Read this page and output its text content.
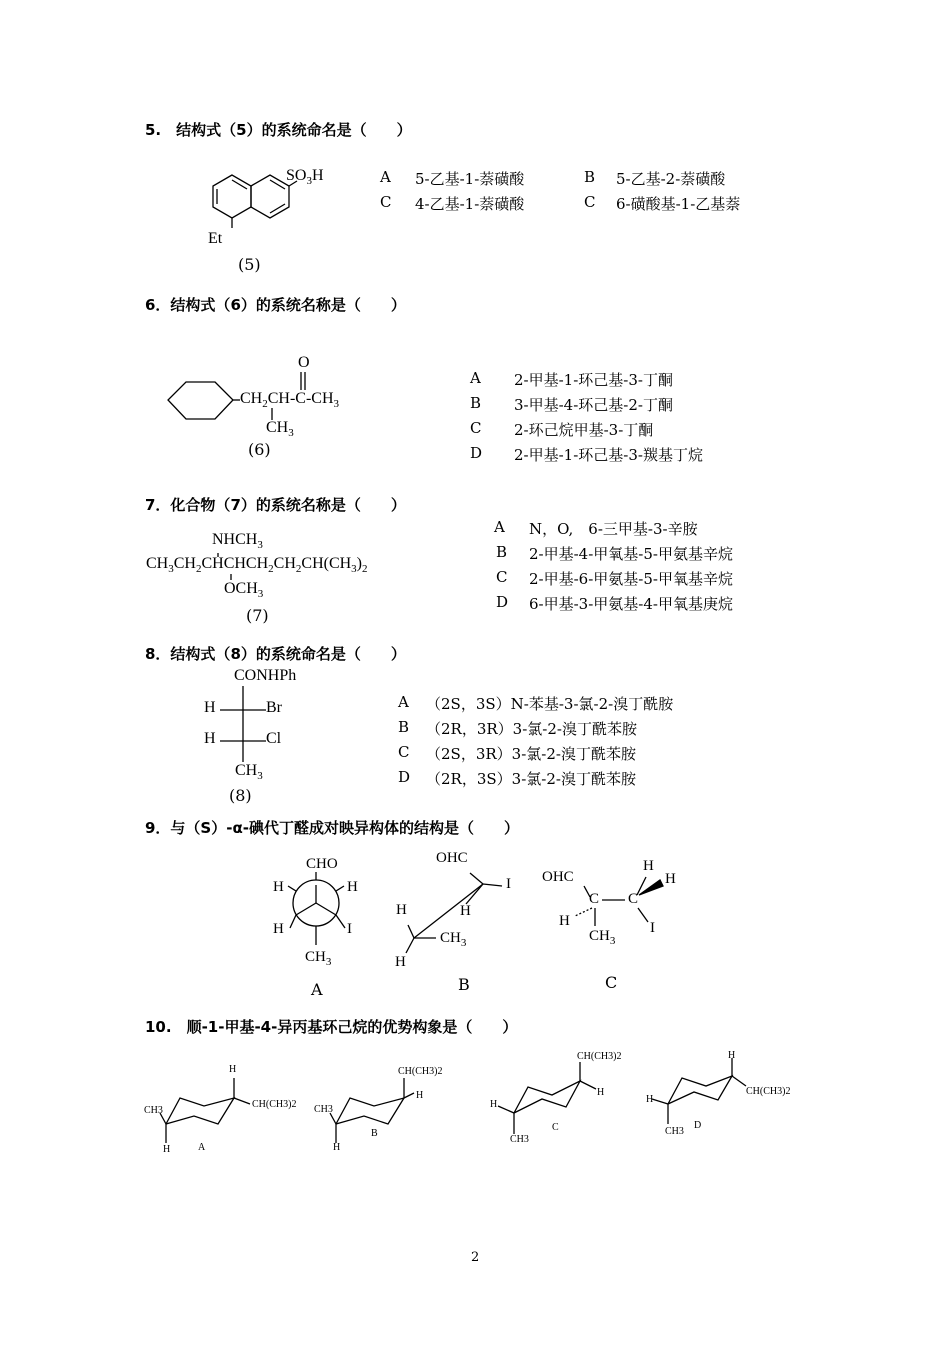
5.　结构式（5）的系统命名是（　　）
$SO_3H$
Et
(5)
A 5-乙基-1-萘磺酸	B 5-乙基-2-萘磺酸
C 4-乙基-1-萘磺酸	C 6-磺酸基-1-乙基萘
6．结构式（6）的系统名称是（　　）
O
$CH_2CH-C-CH_3$
$CH_3$
(6)
A 2-甲基-1-环己基-3-丁酮
B 3-甲基-4-环己基-2-丁酮
C 2-环己烷甲基-3-丁酮
D 2-甲基-1-环己基-3-羰基丁烷
7．化合物（7）的系统名称是（　　）
$NHCH_3$
$CH_3CH_2CHCHCH_2CH_2CH(CH_3)_2$
$OCH_3$
(7)
A N，O,　6-三甲基-3-辛胺
B 2-甲基-4-甲氧基-5-甲氨基辛烷
C 2-甲基-6-甲氨基-5-甲氧基辛烷
D 6-甲基-3-甲氨基-4-甲氧基庚烷
8．结构式（8）的系统命名是（　　）
CONHPh
H	Br
H	Cl
$CH_3$
(8)
A （2S，3S）N-苯基-3-氯-2-溴丁酰胺
B （2R，3R）3-氯-2-溴丁酰苯胺
C （2S，3R）3-氯-2-溴丁酰苯胺
D （2R，3S）3-氯-2-溴丁酰苯胺
9．与（S）-α-碘代丁醛成对映异构体的结构是（　　）
CHO
H	H
H	I
$CH_3$
A
OHC
I
H
H
H
$CH_3$
B
OHC
C C
H
$CH_3$
H
H
I
C
10.　顺-1-甲基-4-异丙基环己烷的优势构象是（　　）
H
CH(CH3)2
CH3
H	A
CH(CH3)2
H
CH3
H
B
CH(CH3)2
H
H
CH3
C
H
CH(CH3)2
H
CH3
D
2
